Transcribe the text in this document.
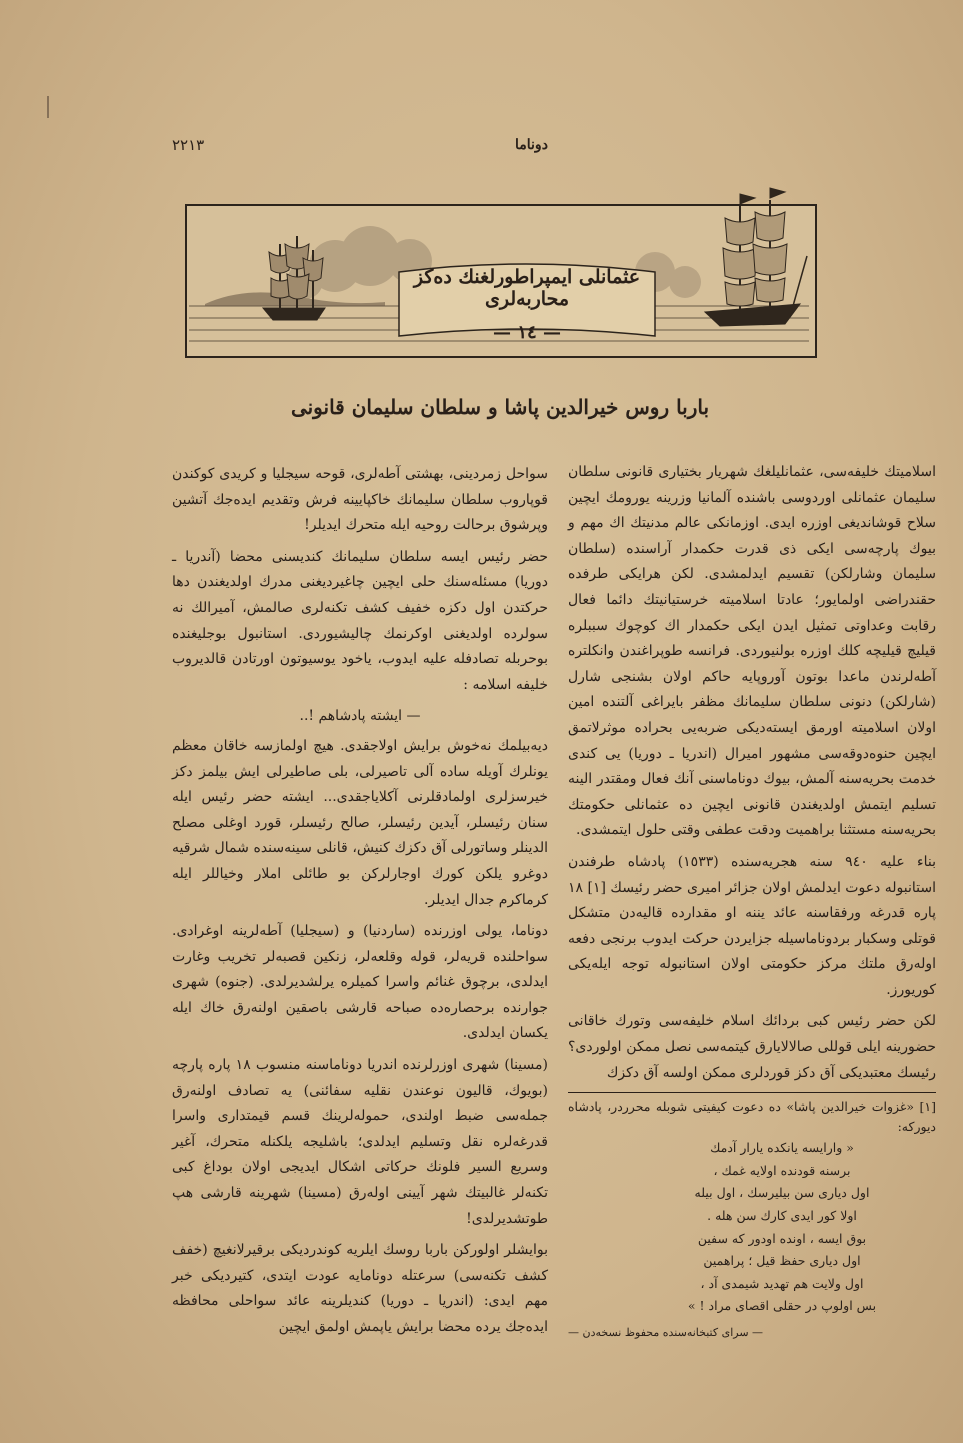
۲۲۱۳	دوناما
عثمانلی ایمپراطورلغنك دەكز محاربەلری
— ١٤ —
باربا روس خیرالدین پاشا و سلطان سلیمان قانونی

اسلامیتك خلیفەسی، عثمانلیلغك شهریار بختیاری قانونی سلطان سلیمان عثمانلی اوردوسی باشندە آلمانیا وزرینە یورومك ایچین سلاح قوشاندیغی اوزرە ایدی. اوزمانکی عالم مدنیتك اك مهم و بیوك پارچەسی ایكی ذی قدرت حکمدار آراسندە (سلطان سلیمان وشارلکن) تقسیم ایدلمشدی. لکن هرایکی طرفدە حقندراضی اولمایور؛ عادتا اسلامیتە خرستیانیتك دائما فعال رقابت وعداوتی تمثیل ایدن ایكی حکمدار اك کوچوك سببلرە قیلیچ قیلیچە کلك اوزرە بولنیوردی. فرانسە طوپراغندن وانکلترە آطەلرندن ماعدا بوتون آوروپایە حاکم اولان بشنجی شارل (شارلکن) دنونی سلطان سلیمانك مظفر بایراغی آلتندە امین اولان اسلامیتە اورمق ایستەدیکی ضربەیی بحرادە موثرلاتمق ایچین حنوەدوقەسی مشهور امیرال (اندریا ـ دوریا) یی کندی خدمت بحریەسنە آلمش، بیوك دوناماسنی آنك فعال ومقتدر الینە تسلیم ایتمش اولدیغندن قانونی ایچین دە عثمانلی حکومتك بحریەسنە مستثنا براهمیت ودقت عطفی وقتی حلول ایتمشدی.

بناء علیه ٩٤٠ سنه هجریەسندە (١٥٣٣) پادشاه طرفندن استانبولە دعوت ایدلمش اولان جزائر امیری حضر رئیسك [١] ١٨ پارە قدرغە ورفقاسنە عائد یننە او مقداردە قالیەدن متشکل قوتلی وسکبار بردوناماسیلە جزایردن حرکت ایدوب برنجی دفعە اولەرق ملتك مرکز حکومتی اولان استانبولە توجە ایلەیکی کوریورز.

لکن حضر رئیس کبی بردائك اسلام خلیفەسی وتورك خاقانی حضورینە ایلی قوللی صالالایارق کیتمەسی نصل ممکن اولوردی؟ رئیسك معتبدیکی آق دکز قوردلری ممکن اولسە آق دکزك

[١] «غزوات خیرالدین پاشا» دە دعوت کیفیتی شوبلە محرردر، پادشاه دیورکه:
« وارایسە یانکدە یارار آدمك
برسنە قودنده اولایە غمك ،
اول دیاری سن بیلیرسك ، اول بیلە
اولا کور ایدی کارك سن هلە .
بوق ایسە ، اوندە اودور کە سفین
اول دیاری حفظ قیل ؛ پراهمین
اول ولایت هم تهدید شیمدی آد ،
بس اولوپ در حقلی اقصای مراد ! »
— سرای کتبخانەسندە محفوظ نسخەدن —

سواحل زمردینی، بهشتی آطەلری، قوحە سیجلیا و کریدی کوکندن قوپاروب سلطان سلیمانك خاکپایینە فرش وتقدیم ایدەجك آتشین وپرشوق برحالت روحیە ایلە متحرك ایدیلر!

حضر رئیس ایسە سلطان سلیمانك کندیسنی محضا (آندریا ـ دوریا) مسئلەسنك حلی ایچین چاغیردیغنی مدرك اولدیغندن دها حرکتدن اول دکزە خفیف کشف تکنەلری صالمش، آمیرالك نە سولردە اولدیغنی اوکرنمك چالیشیوردی. استانبول بوجلیغندە بوحربلە تصادفلە علیه ایدوب، یاخود یوسیوتون اورتادن قالدیروب خلیفە اسلامە :

— ایشتە پادشاهم !..

دیەبیلمك نەخوش برایش اولاجقدی. هیچ اولمازسە خاقان معظم یونلرك آویلە سادە آلی تاصیرلی، بلی صاطیرلی ایش بیلمز دکز خیرسزلری اولمادقلرنی آکلایاجقدی... ایشتە حضر رئیس ایلە سنان رئیسلر، آیدین رئیسلر، صالح رئیسلر، قورد اوغلی مصلح الدینلر وساتورلی آق دکزك کنیش، قانلی سینەسندە شمال شرقیە دوغرو یلکن کورك اوجارلرکن بو طائلی املار وخیاللر ایلە کرماکرم جدال ایدیلر.

دوناما، یولی اوزرندە (ساردنیا) و (سیجلیا) آطەلرینە اوغرادی. سواحلندە قریەلر، قولە وقلعەلر، زنکین قصبەلر تخریب وغارت ایدلدی، برچوق غنائم واسرا کمیلرە یرلشدیرلدی. (جنوه) شهری جوارندە برحصارەدە صباحە قارشی باصقین اولنەرق خاك ایلە یکسان ایدلدی.

(مسینا) شهری اوزرلرندە اندریا دوناماسنە منسوب ١٨ پارە پارچە (بویوك، قالیون نوعندن نقلیە سفائنی) یە تصادف اولنەرق جملەسی ضبط اولندی، حمولەلرینك قسم قیمتداری واسرا قدرغەلرە نقل وتسلیم ایدلدی؛ باشلیجە یلکنلە متحرك، آغیر وسریع السیر فلونك حرکاتی اشکال ایدیجی اولان بوداغ کبی تکنەلر غالبیتك شهر آیینی اولەرق (مسینا) شهرینە قارشی هپ طوتشدیرلدی!

بوایشلر اولورکن باربا روسك ایلریە کوندردیکی برقیرلانغیچ (خفف کشف تکنەسی) سرعتلە دونامایە عودت ایتدی، کتیردیکی خبر مهم ایدی: (اندریا ـ دوریا) کندیلرینە عائد سواحلی محافظە ایدەجك یردە محضا برایش یاپمش اولمق ایچین
